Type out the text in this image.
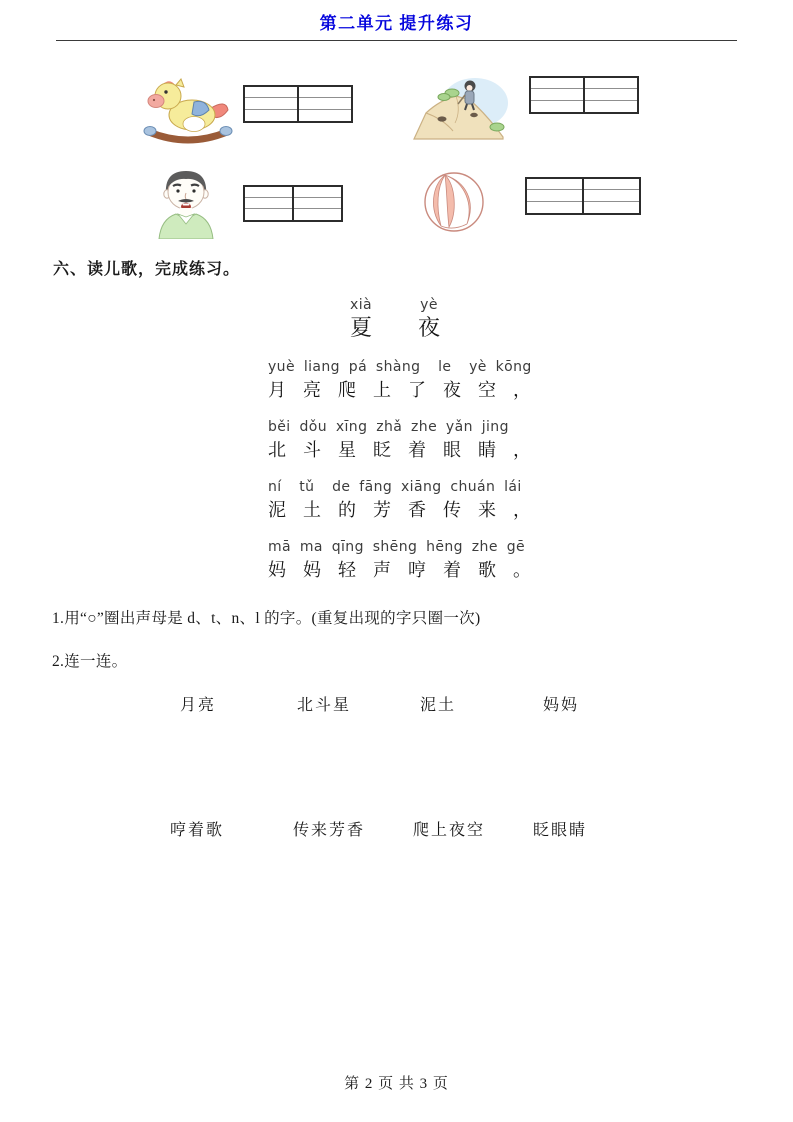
第二单元 提升练习
六、读儿歌，完成练习。
xià
夏
yè
夜
yuè liang pá shàng  le  yè kōng
月亮爬上了夜空，
běi dǒu xīng zhǎ zhe yǎn jing
北斗星眨着眼睛，
ní  tǔ  de fāng xiāng chuán lái
泥土的芳香传来，
mā ma qīng shēng hēng zhe gē
妈妈轻声哼着歌。
1.用“○”圈出声母是 d、t、n、l 的字。(重复出现的字只圈一次)
2.连一连。
月亮	北斗星	泥土	妈妈
哼着歌	传来芳香	爬上夜空	眨眼睛
第 2 页 共 3 页
